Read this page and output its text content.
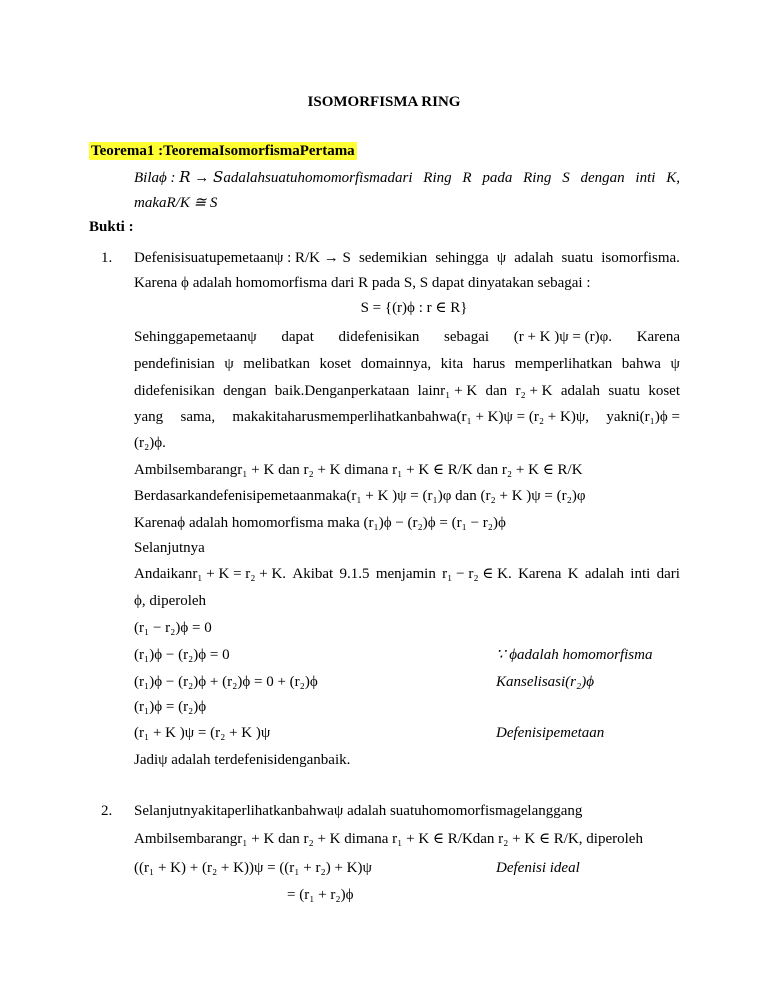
ISOMORFISMA RING
Teorema1 :TeoremaIsomorfismaPertama
Bilaϕ : 𝑅 → 𝑆adalahsuatuhomomorfismadari Ring R pada Ring S dengan inti K,
makaR/K ≅ S
Bukti :
1. Defenisisuatupemetaanψ : R/K → S sedemikian sehingga ψ adalah suatu isomorfisma.
Karena ϕ adalah homomorfisma dari R pada S, S dapat dinyatakan sebagai :
S = {(r)ϕ : r ∈ R}
Sehinggapemetaanψ dapat didefenisikan sebagai (r + K )ψ = (r)φ. Karena
pendefinisian ψ melibatkan koset domainnya, kita harus memperlihatkan bahwa ψ
didefenisikan dengan baik.Denganperkataan lainr₁ + K dan r₂ + K adalah suatu koset
yang sama, makakitaharusmemperlihatkanbahwa(r₁ + K)ψ = (r₂ + K)ψ, yakni(r₁)ϕ =
(r₂)ϕ.
Ambilsembarangr₁ + K dan r₂ + K dimana r₁ + K ∈ R/K dan r₂ + K ∈ R/K
Berdasarkandefenisipemetaanmaka(r₁ + K )ψ = (r₁)φ dan (r₂ + K )ψ = (r₂)φ
Karenaϕ adalah homomorfisma maka (r₁)ϕ − (r₂)ϕ = (r₁ − r₂)ϕ
Selanjutnya
Andaikanr₁ + K = r₂ + K. Akibat 9.1.5 menjamin r₁ − r₂ ∈ K. Karena K adalah inti dari
ϕ, diperoleh
(r₁ − r₂)ϕ = 0
(r₁)ϕ − (r₂)ϕ = 0	∵ ϕadalah homomorfisma
(r₁)ϕ − (r₂)ϕ + (r₂)ϕ = 0 + (r₂)ϕ	Kanselisasi(r₂)ϕ
(r₁)ϕ = (r₂)ϕ
(r₁ + K )ψ = (r₂ + K )ψ	Defenisipemetaan
Jadiψ adalah terdefenisidenganbaik.
2. Selanjutnyakitaperlihatkanbahwaψ adalah suatuhomomorfismagelanggang
Ambilsembarangr₁ + K dan r₂ + K dimana r₁ + K ∈ R/Kdan r₂ + K ∈ R/K, diperoleh
((r₁ + K) + (r₂ + K))ψ = ((r₁ + r₂) + K)ψ	Defenisi ideal
= (r₁ + r₂)ϕ
